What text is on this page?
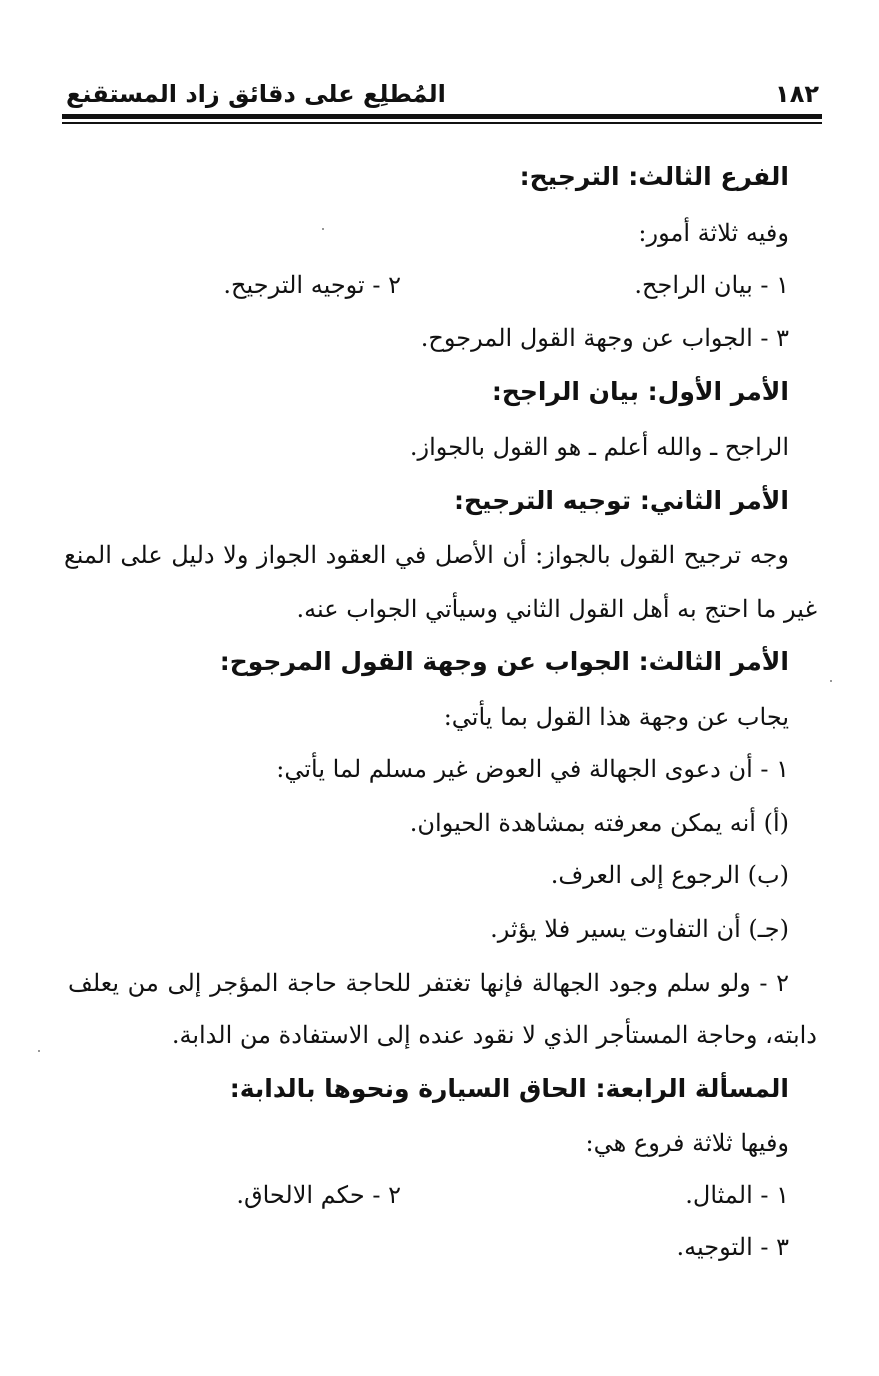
المُطلِع على دقائق زاد المستقنع	١٨٢
الفرع الثالث: الترجيح:
وفيه ثلاثة أمور:
١ - بيان الراجح.
٢ - توجيه الترجيح.
٣ - الجواب عن وجهة القول المرجوح.
الأمر الأول: بيان الراجح:
الراجح ـ والله أعلم ـ هو القول بالجواز.
الأمر الثاني: توجيه الترجيح:
وجه ترجيح القول بالجواز: أن الأصل في العقود الجواز ولا دليل على المنع
غير ما احتج به أهل القول الثاني وسيأتي الجواب عنه.
الأمر الثالث: الجواب عن وجهة القول المرجوح:
يجاب عن وجهة هذا القول بما يأتي:
١ - أن دعوى الجهالة في العوض غير مسلم لما يأتي:
(أ) أنه يمكن معرفته بمشاهدة الحيوان.
(ب) الرجوع إلى العرف.
(جـ) أن التفاوت يسير فلا يؤثر.
٢ - ولو سلم وجود الجهالة فإنها تغتفر للحاجة حاجة المؤجر إلى من يعلف
دابته، وحاجة المستأجر الذي لا نقود عنده إلى الاستفادة من الدابة.
المسألة الرابعة: الحاق السيارة ونحوها بالدابة:
وفيها ثلاثة فروع هي:
١ - المثال.
٢ - حكم الالحاق.
٣ - التوجيه.
